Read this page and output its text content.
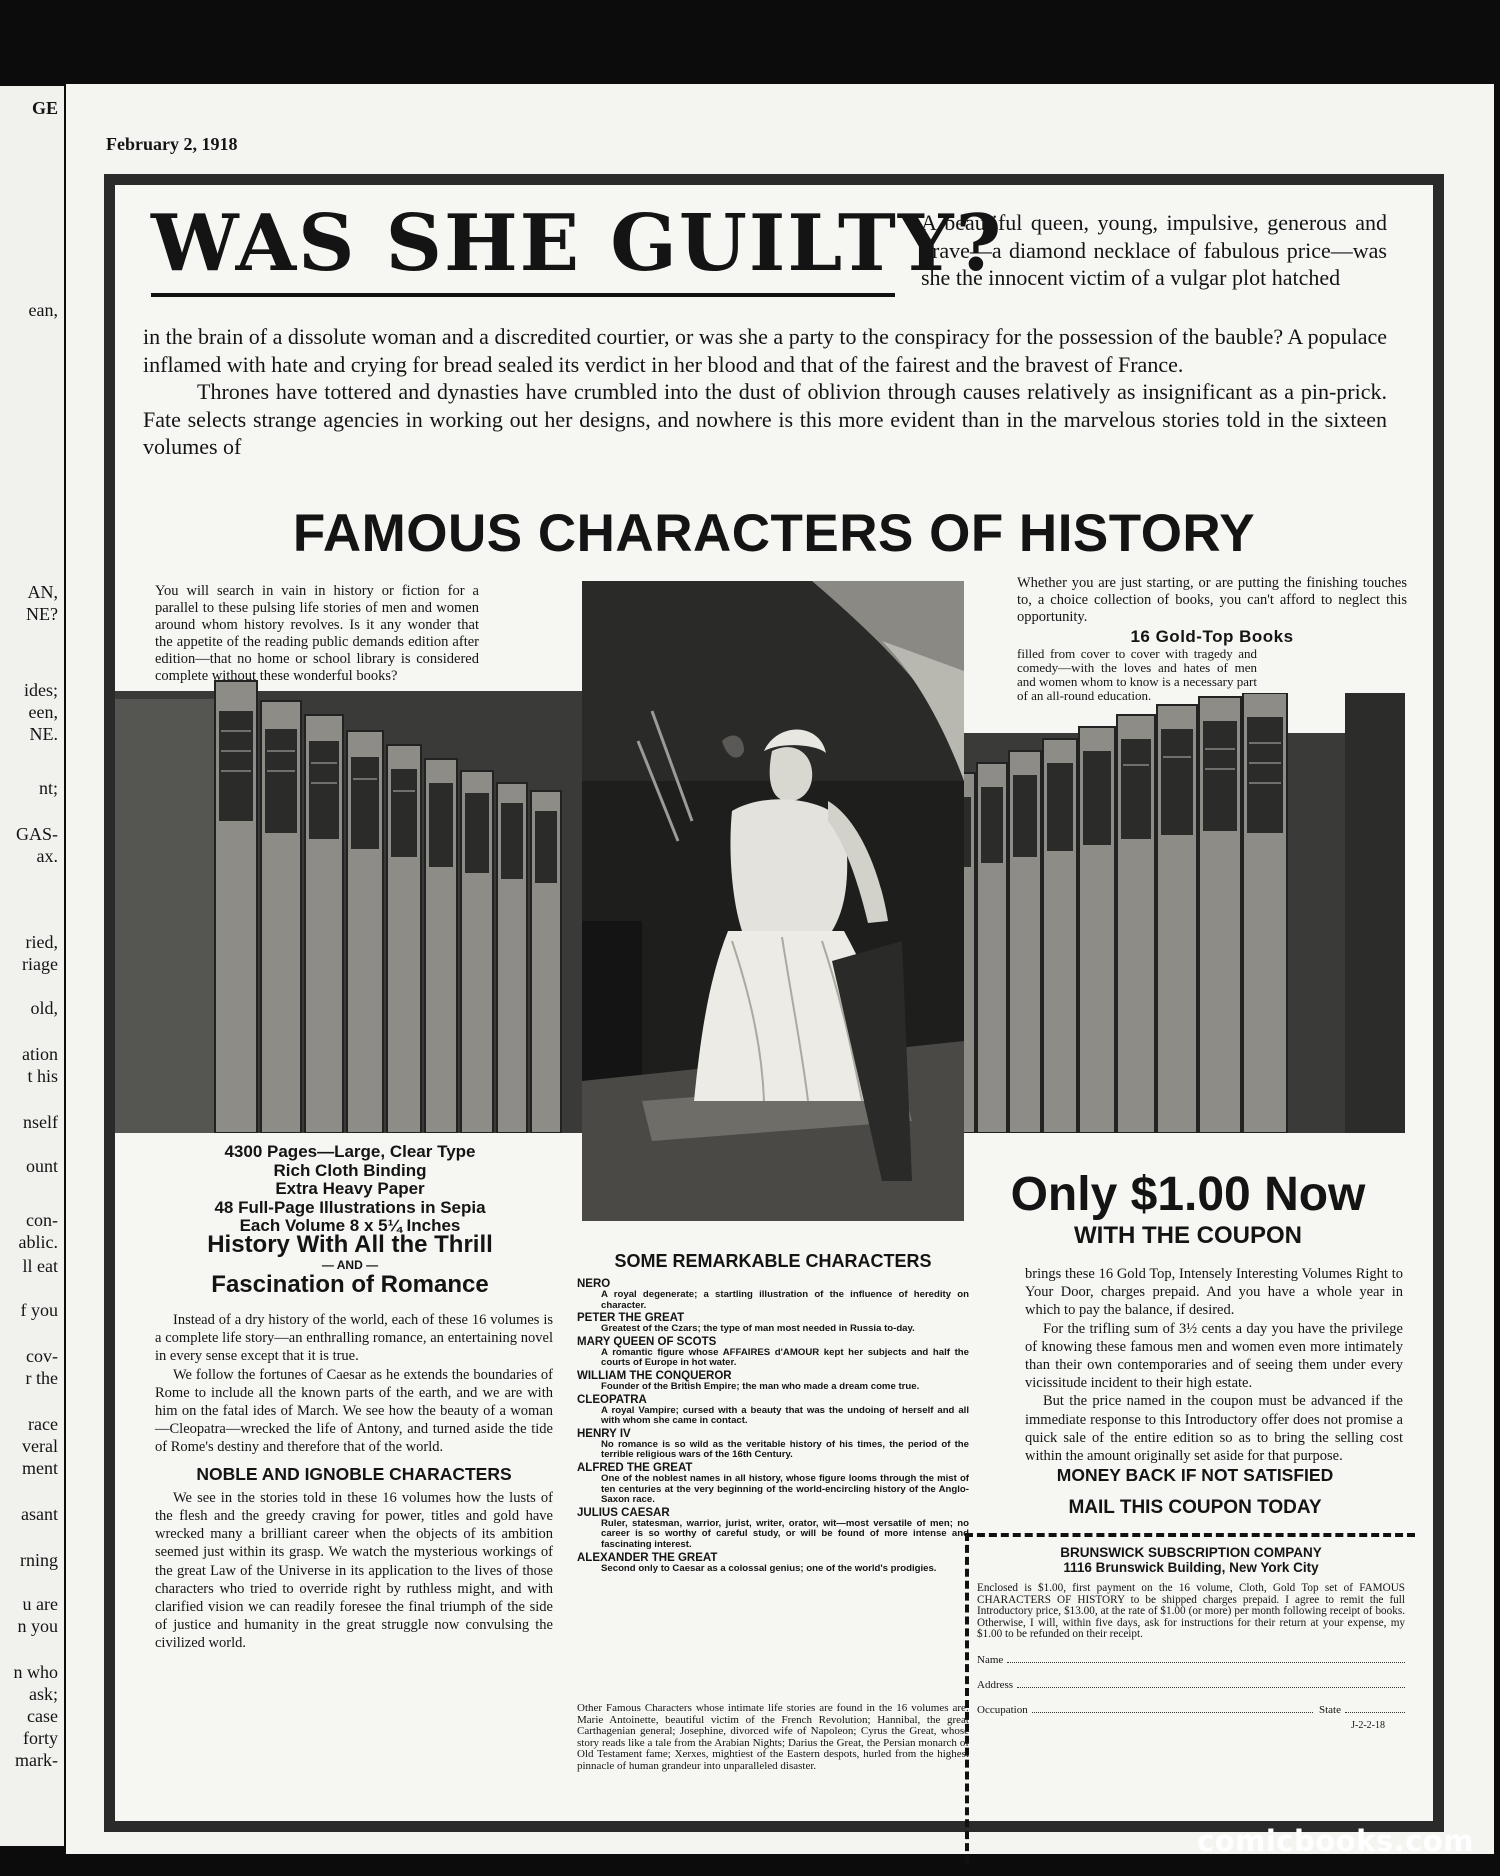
GE
ean,
AN,
NE?
ides;
een,
NE.
nt;
GAS-
ax.
ried,
riage
old,
ation
t his
nself
ount
con-
ablic.
ll eat
f you
cov-
r the
race
veral
ment
asant
rning
u are
n you
n who
ask;
case
forty
mark-
February 2, 1918
WAS SHE GUILTY?
A beautiful queen, young, impulsive, generous and brave—a diamond necklace of fabulous price—was she the innocent victim of a vulgar plot hatched

in the brain of a dissolute woman and a discredited courtier, or was she a party to the conspiracy for the possession of the bauble? A populace inflamed with hate and crying for bread sealed its verdict in her blood and that of the fairest and the bravest of France.

Thrones have tottered and dynasties have crumbled into the dust of oblivion through causes relatively as insignificant as a pin-prick. Fate selects strange agencies in working out her designs, and nowhere is this more evident than in the marvelous stories told in the sixteen volumes of

FAMOUS CHARACTERS OF HISTORY
You will search in vain in history or fiction for a parallel to these pulsing life stories of men and women around whom history revolves. Is it any wonder that the appetite of the reading public demands edition after edition—that no home or school library is considered complete without these wonderful books?
Whether you are just starting, or are putting the finishing touches to, a choice collection of books, you can't afford to neglect this opportunity.
16 Gold-Top Books
filled from cover to cover with tragedy and comedy—with the loves and hates of men and women whom to know is a necessary part of an all-round education.
4300 Pages—Large, Clear Type
Rich Cloth Binding
Extra Heavy Paper
48 Full-Page Illustrations in Sepia
Each Volume 8 x 5¼ Inches
History With All the Thrill
— AND —
Fascination of Romance

Instead of a dry history of the world, each of these 16 volumes is a complete life story—an enthralling romance, an entertaining novel in every sense except that it is true.

We follow the fortunes of Caesar as he extends the boundaries of Rome to include all the known parts of the earth, and we are with him on the fatal ides of March. We see how the beauty of a woman—Cleopatra—wrecked the life of Antony, and turned aside the tide of Rome's destiny and therefore that of the world.

NOBLE AND IGNOBLE CHARACTERS

We see in the stories told in these 16 volumes how the lusts of the flesh and the greedy craving for power, titles and gold have wrecked many a brilliant career when the objects of its ambition seemed just within its grasp. We watch the mysterious workings of the great Law of the Universe in its application to the lives of those characters who tried to override right by ruthless might, and with clarified vision we can readily foresee the final triumph of the side of justice and humanity in the great struggle now convulsing the civilized world.

SOME REMARKABLE CHARACTERS
NERO
A royal degenerate; a startling illustration of the influence of heredity on character.
PETER THE GREAT
Greatest of the Czars; the type of man most needed in Russia to-day.
MARY QUEEN OF SCOTS
A romantic figure whose AFFAIRES d'AMOUR kept her subjects and half the courts of Europe in hot water.
WILLIAM THE CONQUEROR
Founder of the British Empire; the man who made a dream come true.
CLEOPATRA
A royal Vampire; cursed with a beauty that was the undoing of herself and all with whom she came in contact.
HENRY IV
No romance is so wild as the veritable history of his times, the period of the terrible religious wars of the 16th Century.
ALFRED THE GREAT
One of the noblest names in all history, whose figure looms through the mist of ten centuries at the very beginning of the world-encircling history of the Anglo-Saxon race.
JULIUS CAESAR
Ruler, statesman, warrior, jurist, writer, orator, wit—most versatile of men; no career is so worthy of careful study, or will be found of more intense and fascinating interest.
ALEXANDER THE GREAT
Second only to Caesar as a colossal genius; one of the world's prodigies.
Other Famous Characters whose intimate life stories are found in the 16 volumes are: Marie Antoinette, beautiful victim of the French Revolution; Hannibal, the great Carthagenian general; Josephine, divorced wife of Napoleon; Cyrus the Great, whose story reads like a tale from the Arabian Nights; Darius the Great, the Persian monarch of Old Testament fame; Xerxes, mightiest of the Eastern despots, hurled from the highest pinnacle of human grandeur into unparalleled disaster.
Only $1.00 Now
WITH THE COUPON

brings these 16 Gold Top, Intensely Interesting Volumes Right to Your Door, charges prepaid. And you have a whole year in which to pay the balance, if desired.

For the trifling sum of 3½ cents a day you have the privilege of knowing these famous men and women even more intimately than their own contemporaries and of seeing them under every vicissitude incident to their high estate.

But the price named in the coupon must be advanced if the immediate response to this Introductory offer does not promise a quick sale of the entire edition so as to bring the selling cost within the amount originally set aside for that purpose.

MONEY BACK IF NOT SATISFIED
MAIL THIS COUPON TODAY
BRUNSWICK SUBSCRIPTION COMPANY
1116 Brunswick Building, New York City
Enclosed is $1.00, first payment on the 16 volume, Cloth, Gold Top set of FAMOUS CHARACTERS OF HISTORY to be shipped charges prepaid. I agree to remit the full Introductory price, $13.00, at the rate of $1.00 (or more) per month following receipt of books. Otherwise, I will, within five days, ask for instructions for their return at your expense, my $1.00 to be refunded on their receipt.
Name
Address
Occupation	State
J-2-2-18
comicbooks.com
